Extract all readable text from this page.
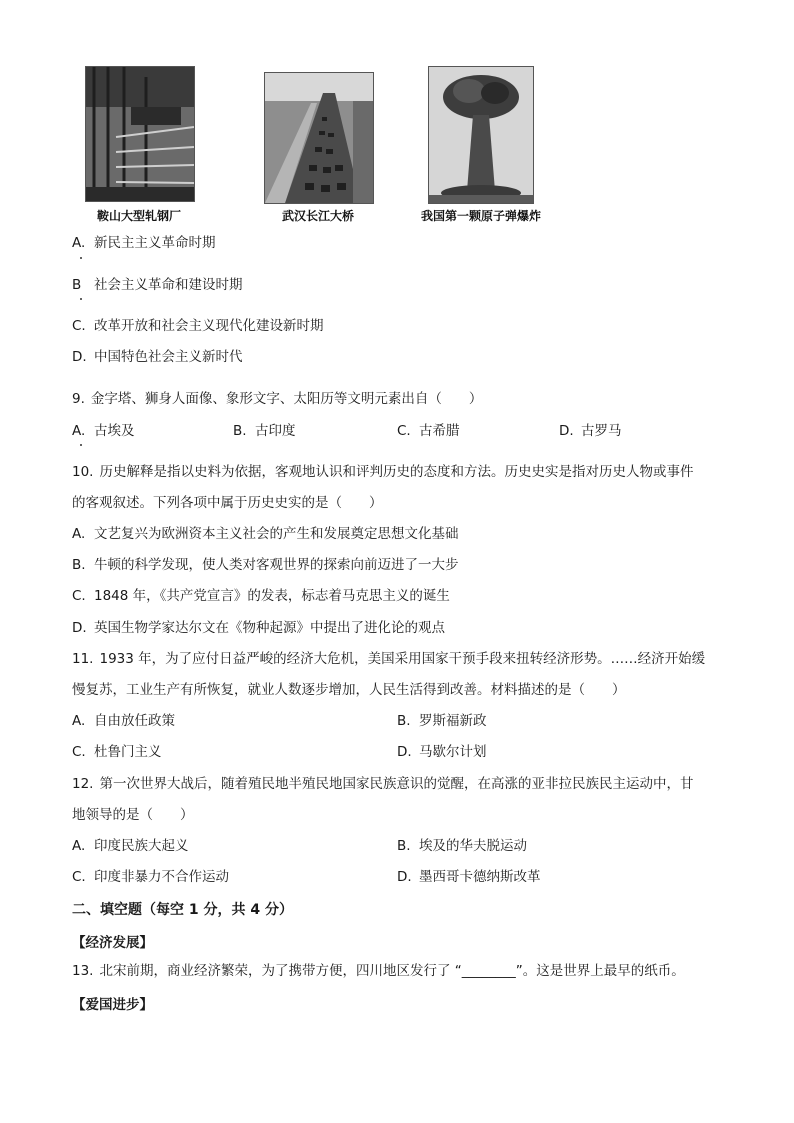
鞍山大型轧钢厂	武汉长江大桥	我国第一颗原子弹爆炸
A. 新民主主义革命时期
B 社会主义革命和建设时期
C. 改革开放和社会主义现代化建设新时期
D. 中国特色社会主义新时代
9. 金字塔、狮身人面像、象形文字、太阳历等文明元素出自（　　）
A. 古埃及	B. 古印度	C. 古希腊	D. 古罗马
10. 历史解释是指以史料为依据，客观地认识和评判历史的态度和方法。历史史实是指对历史人物或事件
的客观叙述。下列各项中属于历史史实的是（　　）
A. 文艺复兴为欧洲资本主义社会的产生和发展奠定思想文化基础
B. 牛顿的科学发现，使人类对客观世界的探索向前迈进了一大步
C. 1848 年，《共产党宣言》的发表，标志着马克思主义的诞生
D. 英国生物学家达尔文在《物种起源》中提出了进化论的观点
11. 1933 年，为了应付日益严峻的经济大危机，美国采用国家干预手段来扭转经济形势。……经济开始缓
慢复苏，工业生产有所恢复，就业人数逐步增加，人民生活得到改善。材料描述的是（　　）
A. 自由放任政策	B. 罗斯福新政
C. 杜鲁门主义	D. 马歇尔计划
12. 第一次世界大战后，随着殖民地半殖民地国家民族意识的觉醒，在高涨的亚非拉民族民主运动中，甘
地领导的是（　　）
A. 印度民族大起义	B. 埃及的华夫脱运动
C. 印度非暴力不合作运动	D. 墨西哥卡德纳斯改革
二、填空题（每空 1 分，共 4 分）
【经济发展】
13. 北宋前期，商业经济繁荣，为了携带方便，四川地区发行了 “________”。这是世界上最早的纸币。
【爱国进步】
